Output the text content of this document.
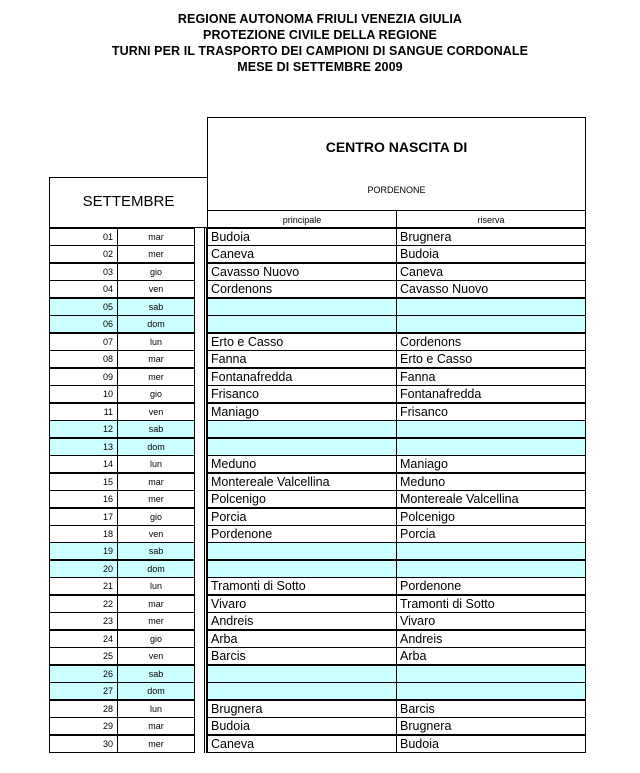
REGIONE AUTONOMA FRIULI VENEZIA GIULIA
PROTEZIONE CIVILE DELLA REGIONE
TURNI PER IL TRASPORTO DEI CAMPIONI DI SANGUE CORDONALE
MESE DI SETTEMBRE 2009
CENTRO NASCITA DI
PORDENONE
SETTEMBRE
principale	riserva
01	mar	Budoia	Brugnera
02	mer	Caneva	Budoia
03	gio	Cavasso Nuovo	Caneva
04	ven	Cordenons	Cavasso Nuovo
05	sab
06	dom
07	lun	Erto e Casso	Cordenons
08	mar	Fanna	Erto e Casso
09	mer	Fontanafredda	Fanna
10	gio	Frisanco	Fontanafredda
11	ven	Maniago	Frisanco
12	sab
13	dom
14	lun	Meduno	Maniago
15	mar	Montereale Valcellina	Meduno
16	mer	Polcenigo	Montereale Valcellina
17	gio	Porcia	Polcenigo
18	ven	Pordenone	Porcia
19	sab
20	dom
21	lun	Tramonti di Sotto	Pordenone
22	mar	Vivaro	Tramonti di Sotto
23	mer	Andreis	Vivaro
24	gio	Arba	Andreis
25	ven	Barcis	Arba
26	sab
27	dom
28	lun	Brugnera	Barcis
29	mar	Budoia	Brugnera
30	mer	Caneva	Budoia
